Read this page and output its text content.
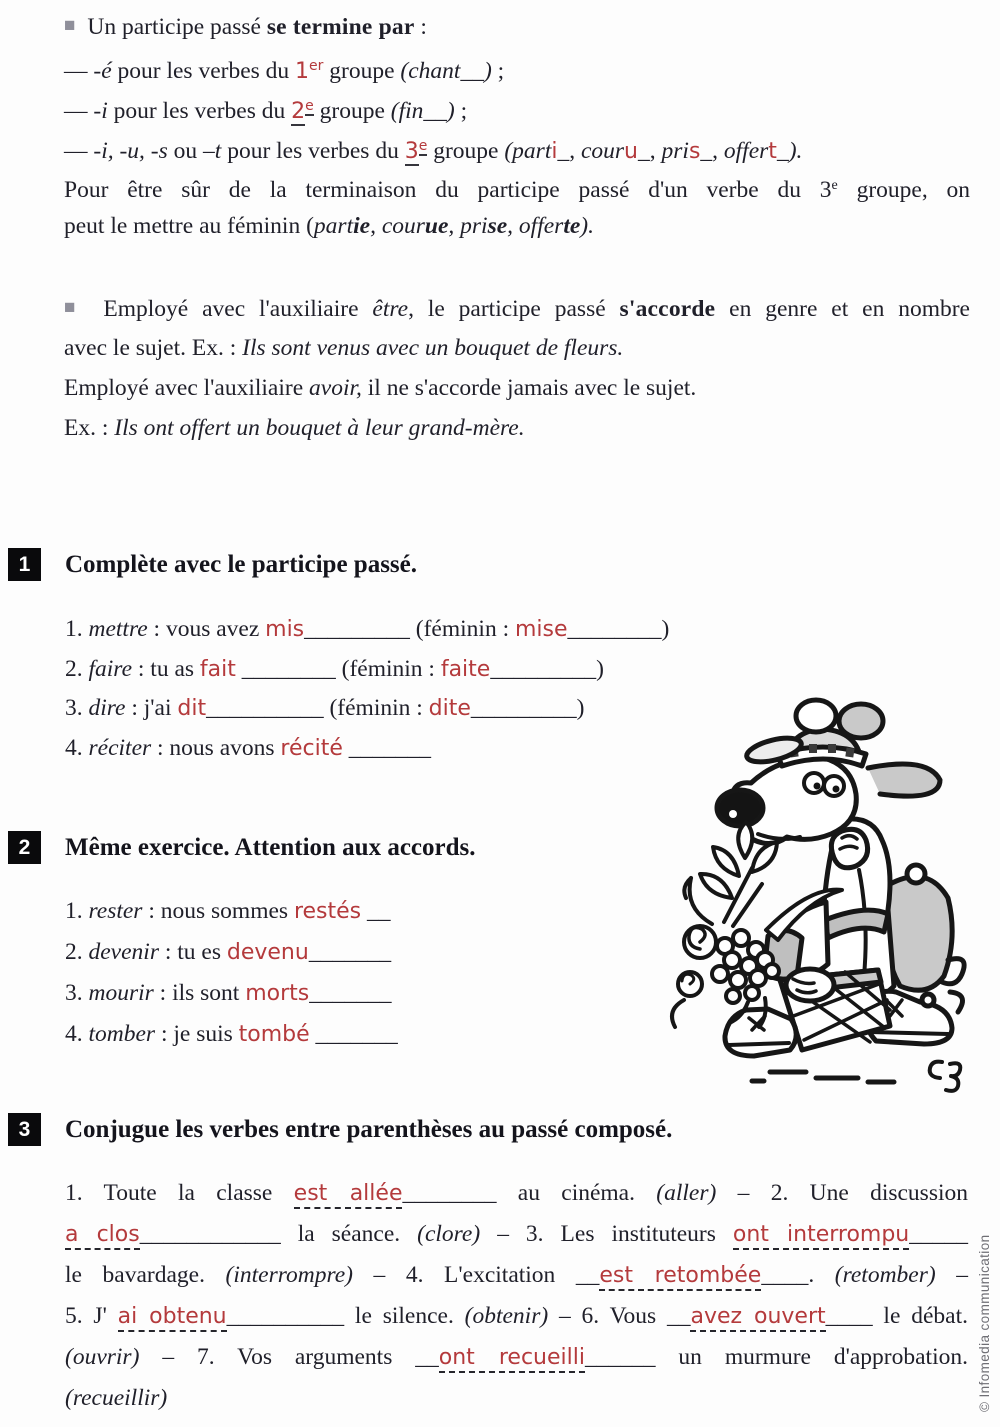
■ Un participe passé se termine par :
— -é pour les verbes du 1er groupe (chant__) ;
— -i pour les verbes du 2e groupe (fin__) ;
— -i, -u, -s ou –t pour les verbes du 3e groupe (parti_, couru_, pris_, offert_).
Pour être sûr de la terminaison du participe passé d'un verbe du 3e groupe, on
peut le mettre au féminin (partie, courue, prise, offerte).
■ Employé avec l'auxiliaire être, le participe passé s'accorde en genre et en nombre
avec le sujet. Ex. : Ils sont venus avec un bouquet de fleurs.
Employé avec l'auxiliaire avoir, il ne s'accorde jamais avec le sujet.
Ex. : Ils ont offert un bouquet à leur grand-mère.
1	Complète avec le participe passé.
1. mettre : vous avez mis_________ (féminin : mise________)
2. faire : tu as fait ________ (féminin : faite_________)
3. dire : j'ai dit__________ (féminin : dite_________)
4. réciter : nous avons récité _______
2	Même exercice. Attention aux accords.
1. rester : nous sommes restés __
2. devenir : tu es devenu_______
3. mourir : ils sont morts_______
4. tomber : je suis tombé _______
3	Conjugue les verbes entre parenthèses au passé composé.
1. Toute la classe est allée________ au cinéma. (aller) – 2. Une discussion
a clos____________ la séance. (clore) – 3. Les instituteurs ont interrompu_____
le bavardage. (interrompre) – 4. L'excitation __est retombée____. (retomber) –
5. J' ai obtenu__________ le silence. (obtenir) – 6. Vous __avez ouvert____ le débat.
(ouvrir) – 7. Vos arguments __ont recueilli______ un murmure d'approbation.
(recueillir)	© Infomedia communication
